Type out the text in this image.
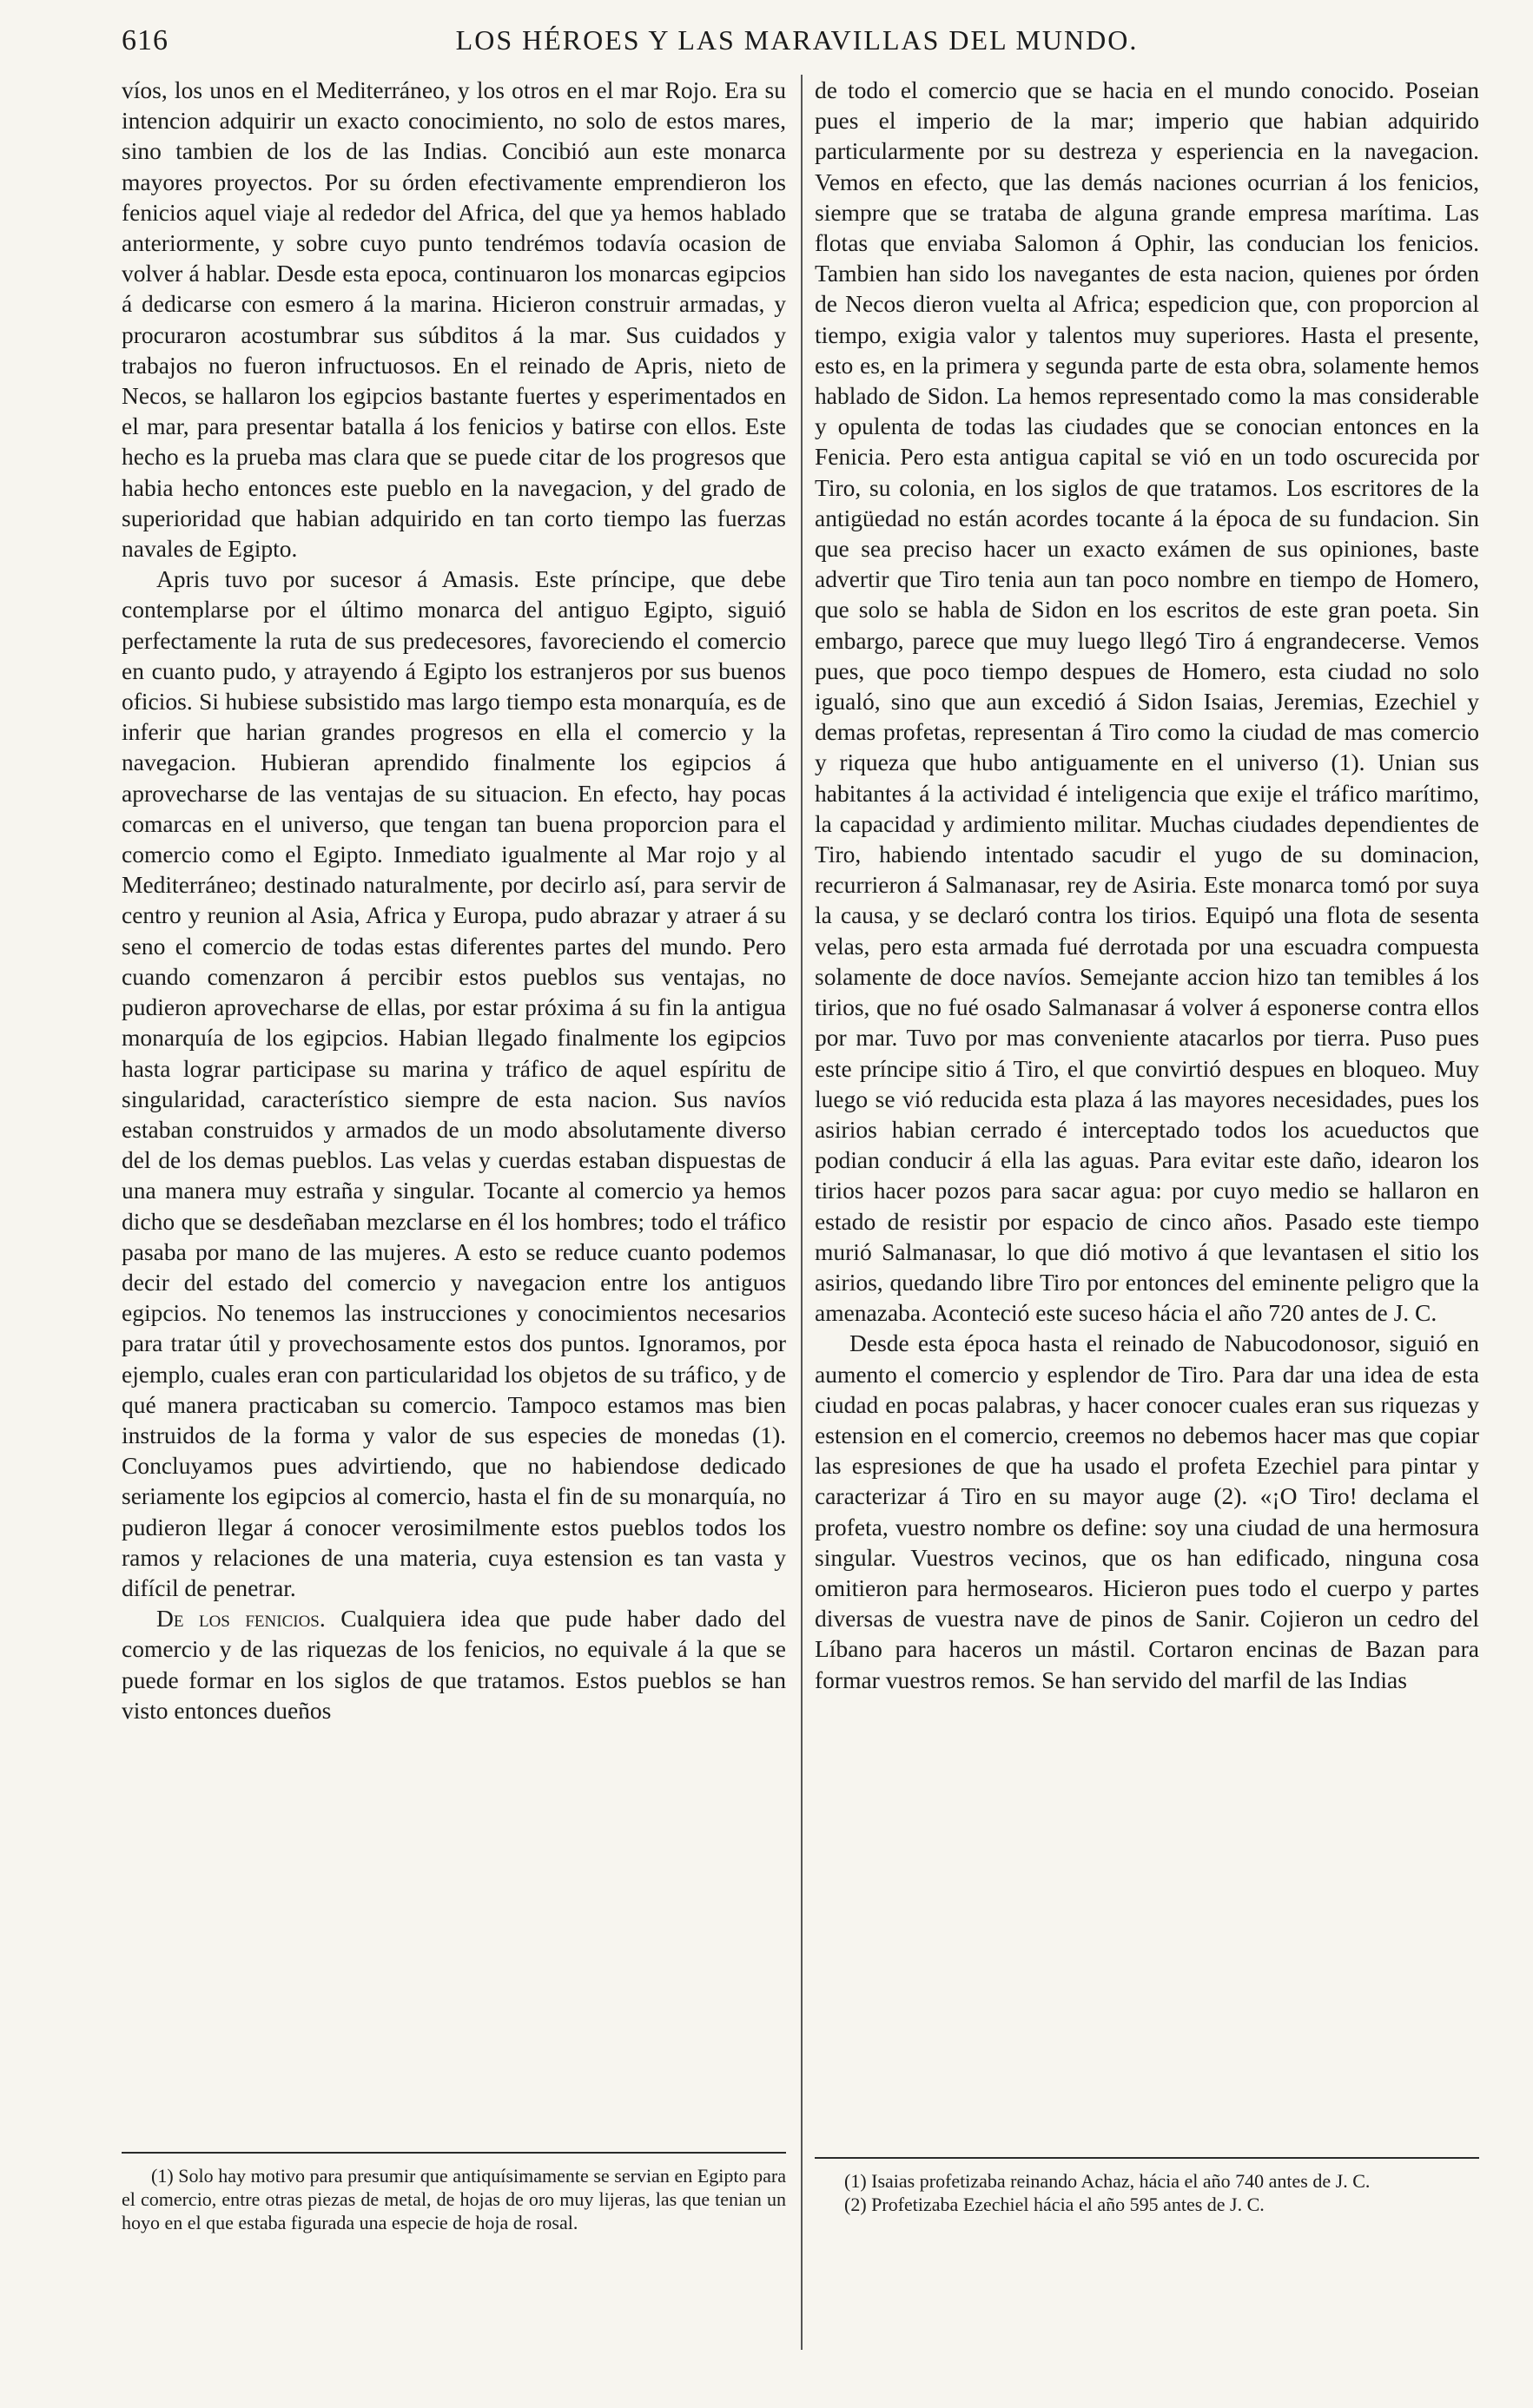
616	LOS HÉROES Y LAS MARAVILLAS DEL MUNDO.

víos, los unos en el Mediterráneo, y los otros en el mar Rojo. Era su intencion adquirir un exacto conocimiento, no solo de estos mares, sino tambien de los de las Indias. Concibió aun este monarca mayores proyectos. Por su órden efectivamente emprendieron los fenicios aquel viaje al rededor del Africa, del que ya hemos hablado anteriormente, y sobre cuyo punto tendrémos todavía ocasion de volver á hablar. Desde esta epoca, continuaron los monarcas egipcios á dedicarse con esmero á la marina. Hicieron construir armadas, y procuraron acostumbrar sus súbditos á la mar. Sus cuidados y trabajos no fueron infructuosos. En el reinado de Apris, nieto de Necos, se hallaron los egipcios bastante fuertes y esperimentados en el mar, para presentar batalla á los fenicios y batirse con ellos. Este hecho es la prueba mas clara que se puede citar de los progresos que habia hecho entonces este pueblo en la navegacion, y del grado de superioridad que habian adquirido en tan corto tiempo las fuerzas navales de Egipto.

Apris tuvo por sucesor á Amasis. Este príncipe, que debe contemplarse por el último monarca del antiguo Egipto, siguió perfectamente la ruta de sus predecesores, favoreciendo el comercio en cuanto pudo, y atrayendo á Egipto los estranjeros por sus buenos oficios. Si hubiese subsistido mas largo tiempo esta monarquía, es de inferir que harian grandes progresos en ella el comercio y la navegacion. Hubieran aprendido finalmente los egipcios á aprovecharse de las ventajas de su situacion. En efecto, hay pocas comarcas en el universo, que tengan tan buena proporcion para el comercio como el Egipto. Inmediato igualmente al Mar rojo y al Mediterráneo; destinado naturalmente, por decirlo así, para servir de centro y reunion al Asia, Africa y Europa, pudo abrazar y atraer á su seno el comercio de todas estas diferentes partes del mundo. Pero cuando comenzaron á percibir estos pueblos sus ventajas, no pudieron aprovecharse de ellas, por estar próxima á su fin la antigua monarquía de los egipcios. Habian llegado finalmente los egipcios hasta lograr participase su marina y tráfico de aquel espíritu de singularidad, característico siempre de esta nacion. Sus navíos estaban construidos y armados de un modo absolutamente diverso del de los demas pueblos. Las velas y cuerdas estaban dispuestas de una manera muy estraña y singular. Tocante al comercio ya hemos dicho que se desdeñaban mezclarse en él los hombres; todo el tráfico pasaba por mano de las mujeres. A esto se reduce cuanto podemos decir del estado del comercio y navegacion entre los antiguos egipcios. No tenemos las instrucciones y conocimientos necesarios para tratar útil y provechosamente estos dos puntos. Ignoramos, por ejemplo, cuales eran con particularidad los objetos de su tráfico, y de qué manera practicaban su comercio. Tampoco estamos mas bien instruidos de la forma y valor de sus especies de monedas (1). Concluyamos pues advirtiendo, que no habiendose dedicado seriamente los egipcios al comercio, hasta el fin de su monarquía, no pudieron llegar á conocer verosimilmente estos pueblos todos los ramos y relaciones de una materia, cuya estension es tan vasta y difícil de penetrar.

De los fenicios. Cualquiera idea que pude haber dado del comercio y de las riquezas de los fenicios, no equivale á la que se puede formar en los siglos de que tratamos. Estos pueblos se han visto entonces dueños

de todo el comercio que se hacia en el mundo conocido. Poseian pues el imperio de la mar; imperio que habian adquirido particularmente por su destreza y esperiencia en la navegacion. Vemos en efecto, que las demás naciones ocurrian á los fenicios, siempre que se trataba de alguna grande empresa marítima. Las flotas que enviaba Salomon á Ophir, las conducian los fenicios. Tambien han sido los navegantes de esta nacion, quienes por órden de Necos dieron vuelta al Africa; espedicion que, con proporcion al tiempo, exigia valor y talentos muy superiores. Hasta el presente, esto es, en la primera y segunda parte de esta obra, solamente hemos hablado de Sidon. La hemos representado como la mas considerable y opulenta de todas las ciudades que se conocian entonces en la Fenicia. Pero esta antigua capital se vió en un todo oscurecida por Tiro, su colonia, en los siglos de que tratamos. Los escritores de la antigüedad no están acordes tocante á la época de su fundacion. Sin que sea preciso hacer un exacto exámen de sus opiniones, baste advertir que Tiro tenia aun tan poco nombre en tiempo de Homero, que solo se habla de Sidon en los escritos de este gran poeta. Sin embargo, parece que muy luego llegó Tiro á engrandecerse. Vemos pues, que poco tiempo despues de Homero, esta ciudad no solo igualó, sino que aun excedió á Sidon Isaias, Jeremias, Ezechiel y demas profetas, representan á Tiro como la ciudad de mas comercio y riqueza que hubo antiguamente en el universo (1). Unian sus habitantes á la actividad é inteligencia que exije el tráfico marítimo, la capacidad y ardimiento militar. Muchas ciudades dependientes de Tiro, habiendo intentado sacudir el yugo de su dominacion, recurrieron á Salmanasar, rey de Asiria. Este monarca tomó por suya la causa, y se declaró contra los tirios. Equipó una flota de sesenta velas, pero esta armada fué derrotada por una escuadra compuesta solamente de doce navíos. Semejante accion hizo tan temibles á los tirios, que no fué osado Salmanasar á volver á esponerse contra ellos por mar. Tuvo por mas conveniente atacarlos por tierra. Puso pues este príncipe sitio á Tiro, el que convirtió despues en bloqueo. Muy luego se vió reducida esta plaza á las mayores necesidades, pues los asirios habian cerrado é interceptado todos los acueductos que podian conducir á ella las aguas. Para evitar este daño, idearon los tirios hacer pozos para sacar agua: por cuyo medio se hallaron en estado de resistir por espacio de cinco años. Pasado este tiempo murió Salmanasar, lo que dió motivo á que levantasen el sitio los asirios, quedando libre Tiro por entonces del eminente peligro que la amenazaba. Aconteció este suceso hácia el año 720 antes de J. C.

Desde esta época hasta el reinado de Nabucodonosor, siguió en aumento el comercio y esplendor de Tiro. Para dar una idea de esta ciudad en pocas palabras, y hacer conocer cuales eran sus riquezas y estension en el comercio, creemos no debemos hacer mas que copiar las espresiones de que ha usado el profeta Ezechiel para pintar y caracterizar á Tiro en su mayor auge (2). «¡O Tiro! declama el profeta, vuestro nombre os define: soy una ciudad de una hermosura singular. Vuestros vecinos, que os han edificado, ninguna cosa omitieron para hermosearos. Hicieron pues todo el cuerpo y partes diversas de vuestra nave de pinos de Sanir. Cojieron un cedro del Líbano para haceros un mástil. Cortaron encinas de Bazan para formar vuestros remos. Se han servido del marfil de las Indias

(1) Solo hay motivo para presumir que antiquísimamente se servian en Egipto para el comercio, entre otras piezas de metal, de hojas de oro muy lijeras, las que tenian un hoyo en el que estaba figurada una especie de hoja de rosal.

(1) Isaias profetizaba reinando Achaz, hácia el año 740 antes de J. C.

(2) Profetizaba Ezechiel hácia el año 595 antes de J. C.
